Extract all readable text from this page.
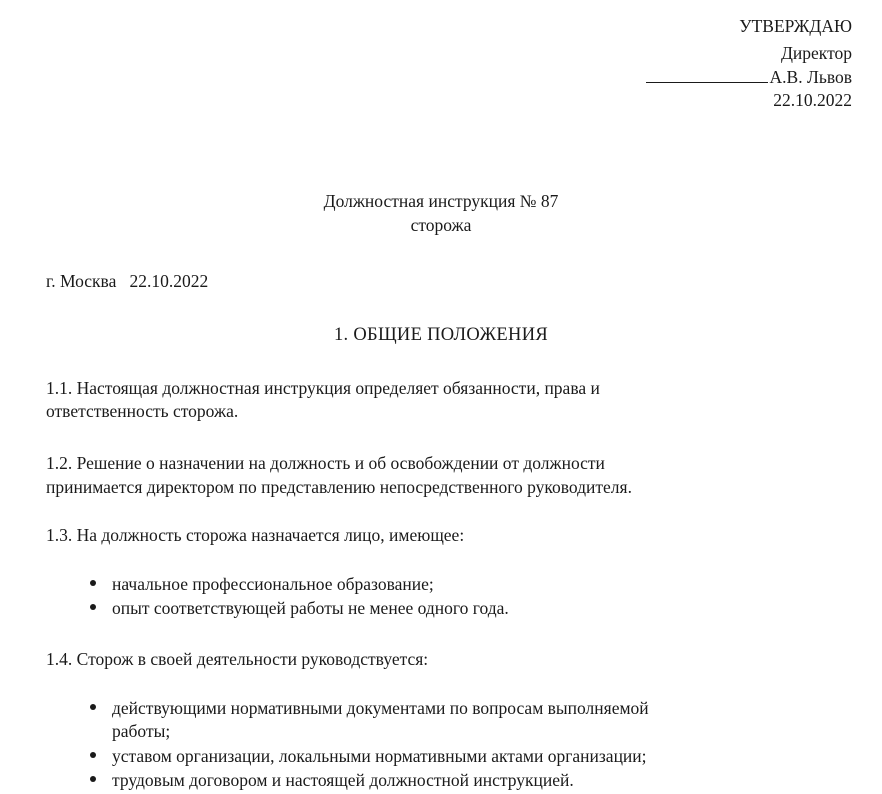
УТВЕРЖДАЮ
Директор
А.В. Львов
22.10.2022
Должностная инструкция № 87
сторожа
г. Москва   22.10.2022
1. ОБЩИЕ ПОЛОЖЕНИЯ
1.1. Настоящая должностная инструкция определяет обязанности, права и
ответственность сторожа.
1.2. Решение о назначении на должность и об освобождении от должности
принимается директором по представлению непосредственного руководителя.
1.3. На должность сторожа назначается лицо, имеющее:
начальное профессиональное образование;
опыт соответствующей работы не менее одного года.
1.4. Сторож в своей деятельности руководствуется:
действующими нормативными документами по вопросам выполняемой
работы;
уставом организации, локальными нормативными актами организации;
трудовым договором и настоящей должностной инструкцией.
